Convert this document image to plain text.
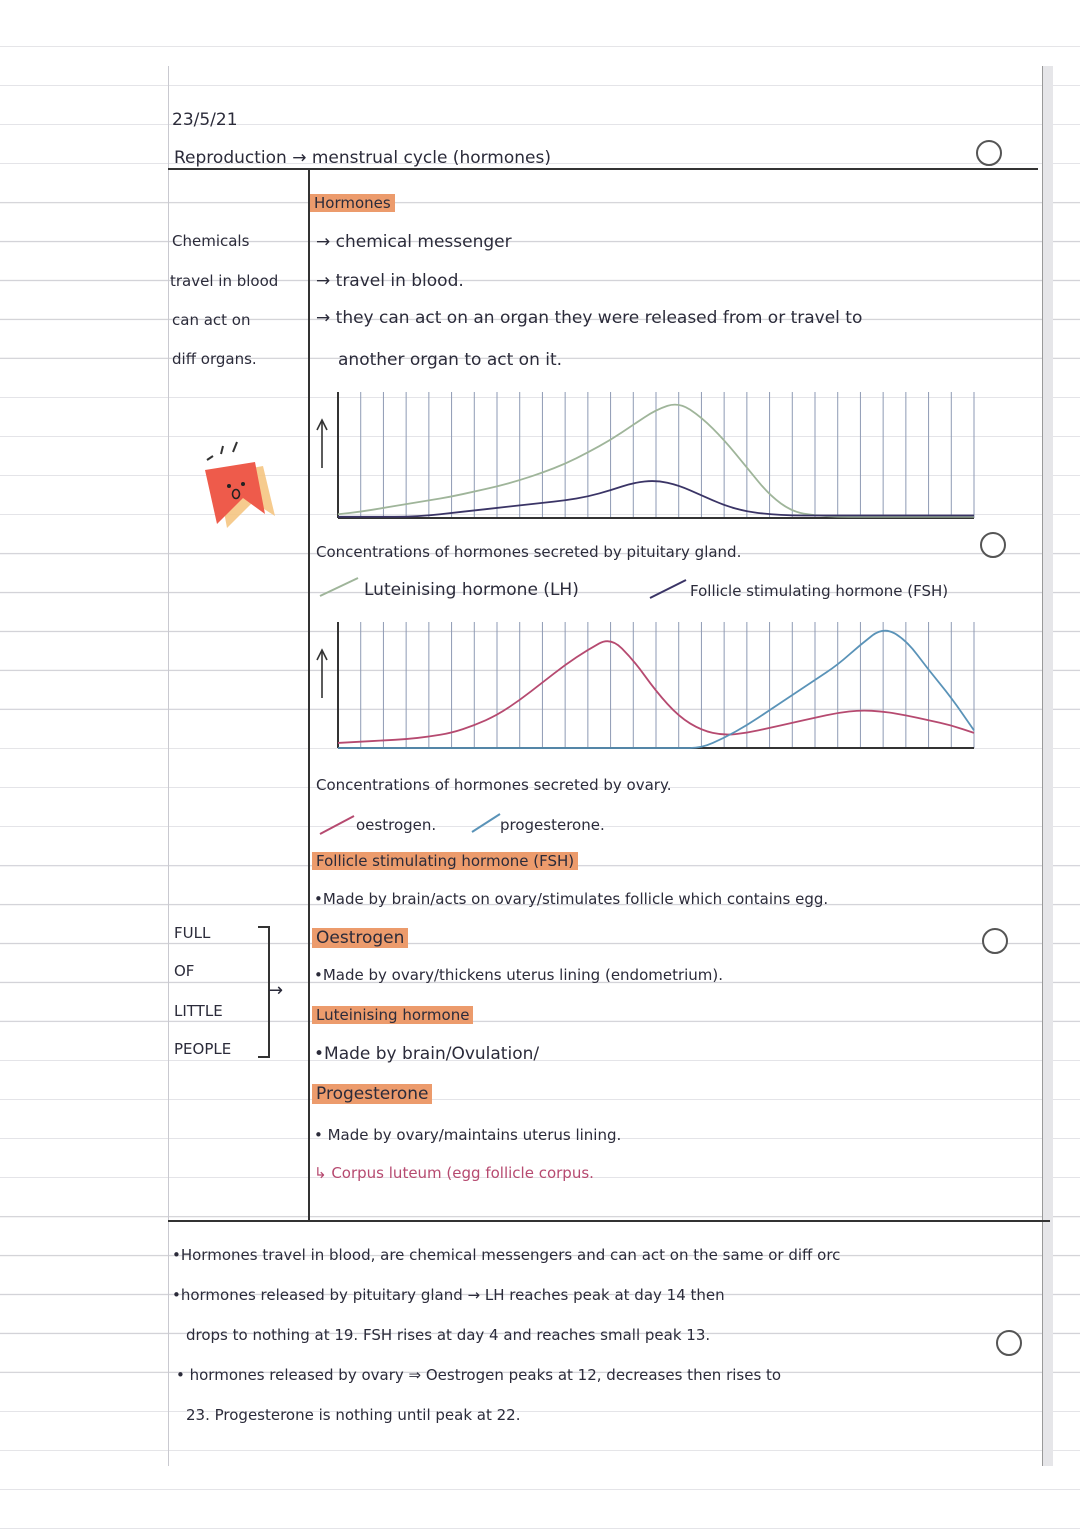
23/5/21
Reproduction → menstrual cycle (hormones)
Chemicals
travel in blood
can act on
diff organs.
Hormones
→ chemical messenger
→ travel in blood.
→ they can act on an organ they were released from or travel to
another organ to act on it.
Concentrations of hormones secreted by pituitary gland.
Luteinising hormone (LH)	Follicle stimulating hormone (FSH)
Concentrations of hormones secreted by ovary.
oestrogen.	progesterone.
Follicle stimulating hormone (FSH)
•Made by brain/acts on ovary/stimulates follicle which contains egg.
Oestrogen
•Made by ovary/thickens uterus lining (endometrium).
Luteinising hormone
•Made by brain/Ovulation/
Progesterone
• Made by ovary/maintains uterus lining.
↳ Corpus luteum (egg follicle corpus.
FULL
OF
LITTLE
PEOPLE
→
•Hormones travel in blood, are chemical messengers and can act on the same or diff orc
•hormones released by pituitary gland → LH reaches peak at day 14 then
drops to nothing at 19. FSH rises at day 4 and reaches small peak 13.
• hormones released by ovary ⇒ Oestrogen peaks at 12, decreases then rises to
23. Progesterone is nothing until peak at 22.
